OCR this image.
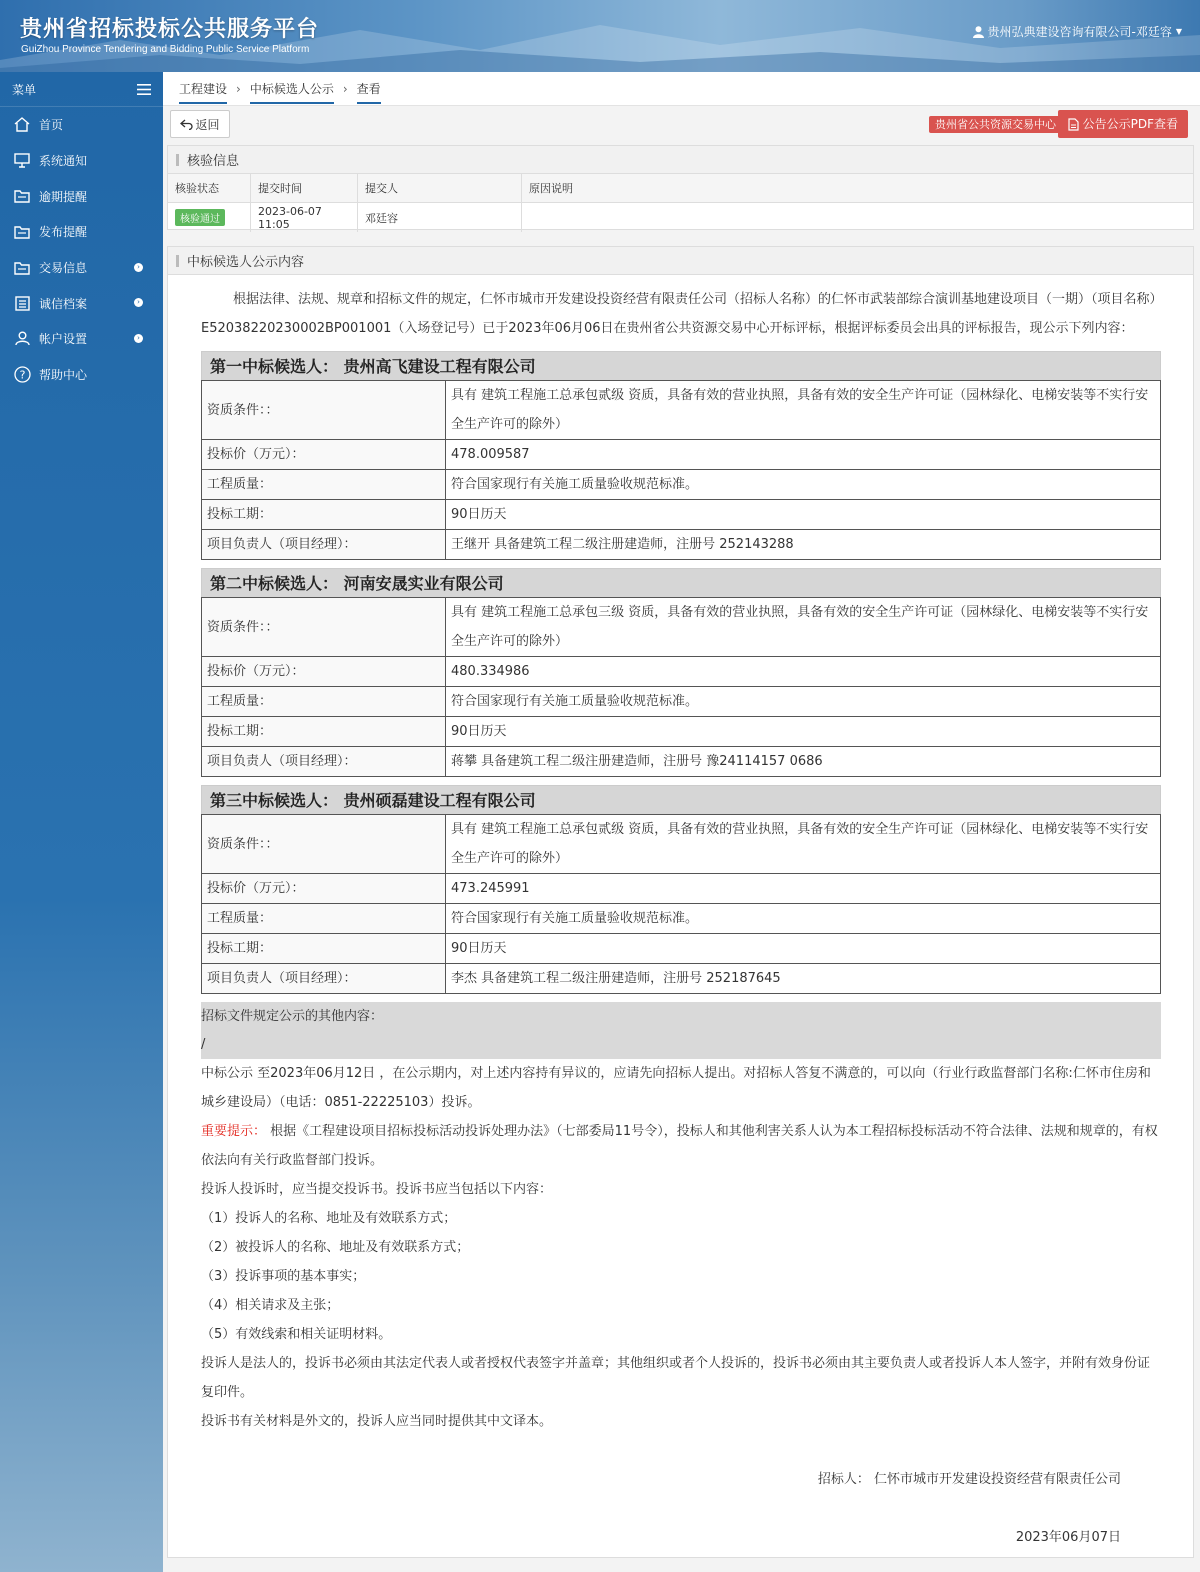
贵州省招标投标公共服务平台
GuiZhou Province Tendering and Bidding Public Service Platform
贵州弘典建设咨询有限公司-邓廷容 ▼
菜单
首页
系统通知
逾期提醒
发布提醒
交易信息	›
诚信档案	›
帐户设置	›
? 帮助中心
工程建设 › 中标候选人公示 › 查看
返回	贵州省公共资源交易中心	公告公示PDF查看
核验信息
核验状态	提交时间	提交人	原因说明
核验通过	2023-06-07 11:05	邓廷容	
中标候选人公示内容

根据法律、法规、规章和招标文件的规定，仁怀市城市开发建设投资经营有限责任公司（招标人名称）的仁怀市武装部综合演训基地建设项目（一期）（项目名称）E52038220230002BP001001（入场登记号）已于2023年06月06日在贵州省公共资源交易中心开标评标，根据评标委员会出具的评标报告，现公示下列内容：

第一中标候选人： 贵州高飞建设工程有限公司
资质条件：：	具有 建筑工程施工总承包贰级 资质，具备有效的营业执照，具备有效的安全生产许可证（园林绿化、电梯安装等不实行安全生产许可的除外）
投标价（万元）：	478.009587
工程质量：	符合国家现行有关施工质量验收规范标准。
投标工期：	90日历天
项目负责人（项目经理）：	王继开 具备建筑工程二级注册建造师，注册号 252143288
第二中标候选人： 河南安晟实业有限公司
资质条件：：	具有 建筑工程施工总承包三级 资质，具备有效的营业执照，具备有效的安全生产许可证（园林绿化、电梯安装等不实行安全生产许可的除外）
投标价（万元）：	480.334986
工程质量：	符合国家现行有关施工质量验收规范标准。
投标工期：	90日历天
项目负责人（项目经理）：	蒋攀 具备建筑工程二级注册建造师，注册号 豫24114157 0686
第三中标候选人： 贵州硕磊建设工程有限公司
资质条件：：	具有 建筑工程施工总承包贰级 资质，具备有效的营业执照，具备有效的安全生产许可证（园林绿化、电梯安装等不实行安全生产许可的除外）
投标价（万元）：	473.245991
工程质量：	符合国家现行有关施工质量验收规范标准。
投标工期：	90日历天
项目负责人（项目经理）：	李杰 具备建筑工程二级注册建造师，注册号 252187645
招标文件规定公示的其他内容：
/

中标公示 至2023年06月12日 ，在公示期内，对上述内容持有异议的，应请先向招标人提出。对招标人答复不满意的，可以向（行业行政监督部门名称:仁怀市住房和城乡建设局）（电话：0851-22225103）投诉。

重要提示： 根据《工程建设项目招标投标活动投诉处理办法》（七部委局11号令），投标人和其他利害关系人认为本工程招标投标活动不符合法律、法规和规章的，有权依法向有关行政监督部门投诉。

投诉人投诉时，应当提交投诉书。投诉书应当包括以下内容：

（1）投诉人的名称、地址及有效联系方式；

（2）被投诉人的名称、地址及有效联系方式；

（3）投诉事项的基本事实；

（4）相关请求及主张；

（5）有效线索和相关证明材料。

投诉人是法人的，投诉书必须由其法定代表人或者授权代表签字并盖章；其他组织或者个人投诉的，投诉书必须由其主要负责人或者投诉人本人签字，并附有效身份证复印件。

投诉书有关材料是外文的，投诉人应当同时提供其中文译本。

招标人： 仁怀市城市开发建设投资经营有限责任公司

2023年06月07日
